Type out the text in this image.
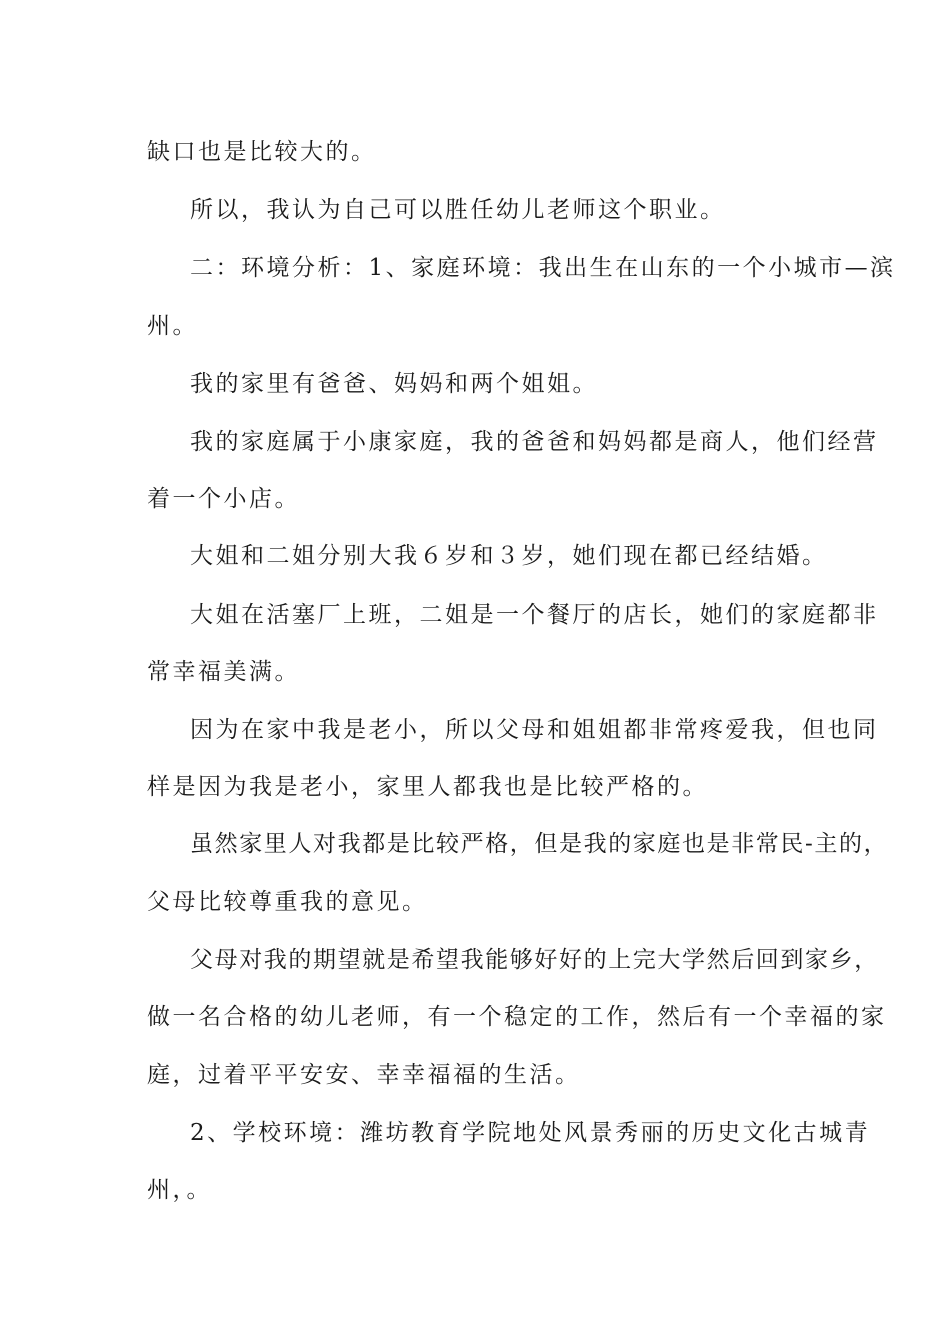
缺口也是比较大的。
所以，我认为自己可以胜任幼儿老师这个职业。
二：环境分析：1、家庭环境：我出生在山东的一个小城市—滨
州。
我的家里有爸爸、妈妈和两个姐姐。
我的家庭属于小康家庭，我的爸爸和妈妈都是商人，他们经营
着一个小店。
大姐和二姐分别大我６岁和３岁，她们现在都已经结婚。
大姐在活塞厂上班，二姐是一个餐厅的店长，她们的家庭都非
常幸福美满。
因为在家中我是老小，所以父母和姐姐都非常疼爱我，但也同
样是因为我是老小，家里人都我也是比较严格的。
虽然家里人对我都是比较严格，但是我的家庭也是非常民-主的，
父母比较尊重我的意见。
父母对我的期望就是希望我能够好好的上完大学然后回到家乡，
做一名合格的幼儿老师，有一个稳定的工作，然后有一个幸福的家
庭，过着平平安安、幸幸福福的生活。
2、学校环境：潍坊教育学院地处风景秀丽的历史文化古城青
州，。
